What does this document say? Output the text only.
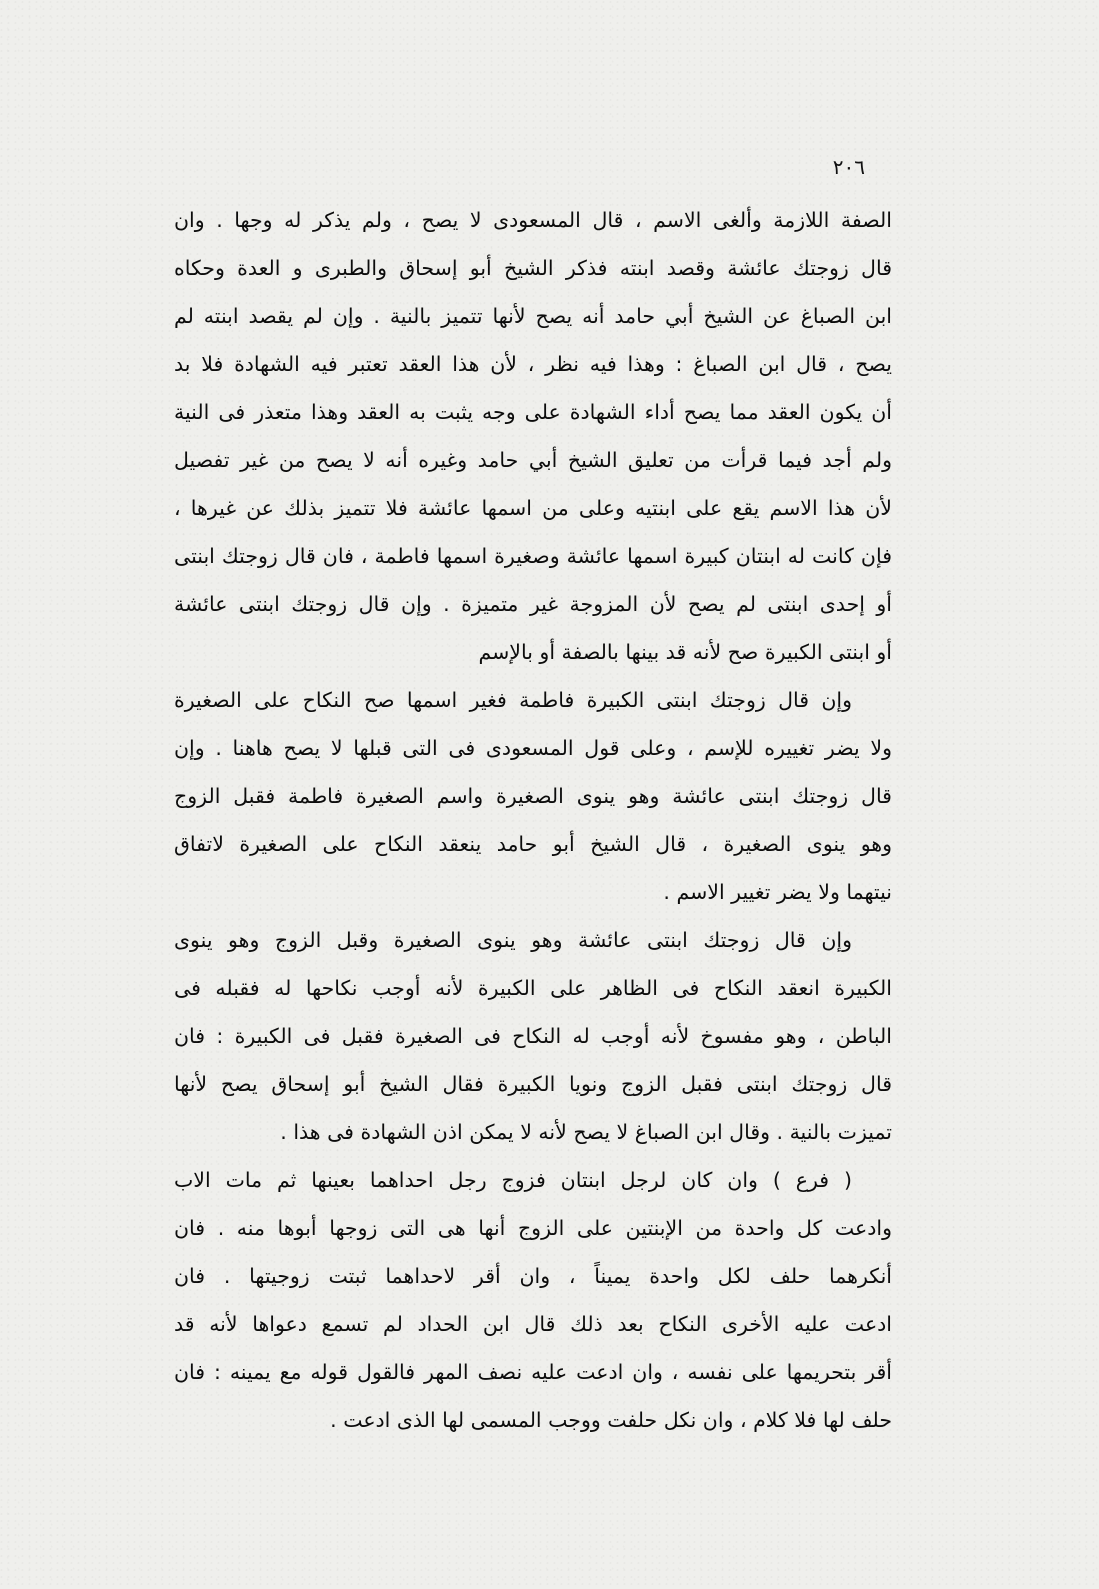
٢٠٦
الصفة اللازمة وألغى الاسم ، قال المسعودى لا يصح ، ولم يذكر له وجها . وان
قال زوجتك عائشة وقصد ابنته فذكر الشيخ أبو إسحاق والطبرى و العدة وحكاه
ابن الصباغ عن الشيخ أبي حامد أنه يصح لأنها تتميز بالنية . وإن لم يقصد ابنته لم
يصح ، قال ابن الصباغ : وهذا فيه نظر ، لأن هذا العقد تعتبر فيه الشهادة فلا بد
أن يكون العقد مما يصح أداء الشهادة على وجه يثبت به العقد وهذا متعذر فى النية
ولم أجد فيما قرأت من تعليق الشيخ أبي حامد وغيره أنه لا يصح من غير تفصيل
لأن هذا الاسم يقع على ابنتيه وعلى من اسمها عائشة فلا تتميز بذلك عن غيرها ،
فإن كانت له ابنتان كبيرة اسمها عائشة وصغيرة اسمها فاطمة ، فان قال زوجتك ابنتى
أو إحدى ابنتى لم يصح لأن المزوجة غير متميزة . وإن قال زوجتك ابنتى عائشة
أو ابنتى الكبيرة صح لأنه قد بينها بالصفة أو بالإسم
وإن قال زوجتك ابنتى الكبيرة فاطمة فغير اسمها صح النكاح على الصغيرة
ولا يضر تغييره للإسم ، وعلى قول المسعودى فى التى قبلها لا يصح هاهنا . وإن
قال زوجتك ابنتى عائشة وهو ينوى الصغيرة واسم الصغيرة فاطمة فقبل الزوج
وهو ينوى الصغيرة ، قال الشيخ أبو حامد ينعقد النكاح على الصغيرة لاتفاق
نيتهما ولا يضر تغيير الاسم .
وإن قال زوجتك ابنتى عائشة وهو ينوى الصغيرة وقبل الزوج وهو ينوى
الكبيرة انعقد النكاح فى الظاهر على الكبيرة لأنه أوجب نكاحها له فقبله فى
الباطن ، وهو مفسوخ لأنه أوجب له النكاح فى الصغيرة فقبل فى الكبيرة : فان
قال زوجتك ابنتى فقبل الزوج ونويا الكبيرة فقال الشيخ أبو إسحاق يصح لأنها
تميزت بالنية . وقال ابن الصباغ لا يصح لأنه لا يمكن اذن الشهادة فى هذا .
( فرع ) وان كان لرجل ابنتان فزوج رجل احداهما بعينها ثم مات الاب
وادعت كل واحدة من الإبنتين على الزوج أنها هى التى زوجها أبوها منه . فان
أنكرهما حلف لكل واحدة يميناً ، وان أقر لاحداهما ثبتت زوجيتها . فان
ادعت عليه الأخرى النكاح بعد ذلك قال ابن الحداد لم تسمع دعواها لأنه قد
أقر بتحريمها على نفسه ، وان ادعت عليه نصف المهر فالقول قوله مع يمينه : فان
حلف لها فلا كلام ، وان نكل حلفت ووجب المسمى لها الذى ادعت .
